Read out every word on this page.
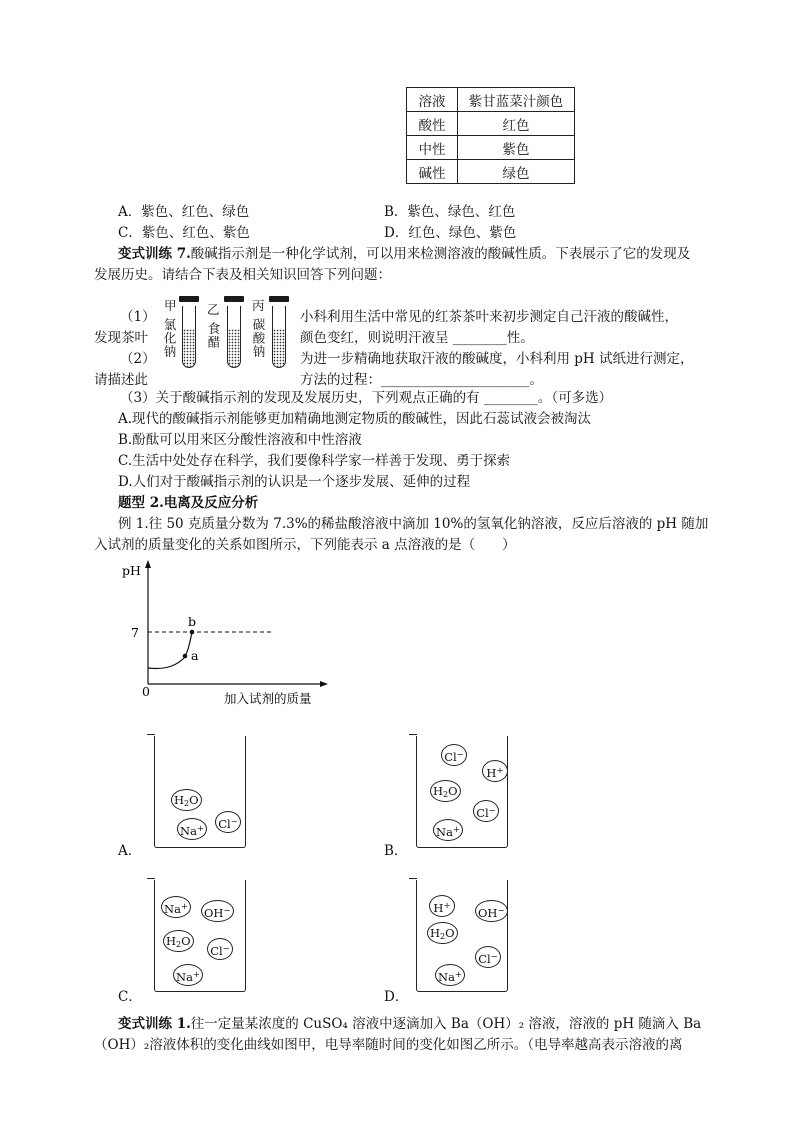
溶液	紫甘蓝菜汁颜色
酸性	红色
中性	紫色
碱性	绿色
A．紫色、红色、绿色	B．紫色、绿色、红色
C．紫色、红色、紫色	D．红色、绿色、紫色
变式训练 7.酸碱指示剂是一种化学试剂，可以用来检测溶液的酸碱性质。下表展示了它的发现及
发展历史。请结合下表及相关知识回答下列问题：
甲 乙	丙
氯化钠 食醋 碳酸钠
（1）
发现茶叶
小科利用生活中常见的红茶茶叶来初步测定自己汗液的酸碱性，
颜色变红，则说明汗液呈 ________性。
（2）
请描述此
为进一步精确地获取汗液的酸碱度，小科利用 pH 试纸进行测定，
方法的过程：______________________。
（3）关于酸碱指示剂的发现及发展历史，下列观点正确的有 ________。（可多选）
A.现代的酸碱指示剂能够更加精确地测定物质的酸碱性，因此石蕊试液会被淘汰
B.酚酞可以用来区分酸性溶液和中性溶液
C.生活中处处存在科学，我们要像科学家一样善于发现、勇于探索
D.人们对于酸碱指示剂的认识是一个逐步发展、延伸的过程
题型 2.电离及反应分析
例 1.往 50 克质量分数为 7.3%的稀盐酸溶液中滴加 10%的氢氧化钠溶液，反应后溶液的 pH 随加
入试剂的质量变化的关系如图所示，下列能表示 a 点溶液的是（　　）
pH
7
0
a
b
加入试剂的质量
$H_2O$
Cl−
Na+
A．
Cl−
H+
$H_2O$
Cl−
Na+
B．
Na+ OH−
$H_2O$
Cl−
Na+
C．
H+	OH−
$H_2O$
Cl−
Na+
D．
变式训练 1.往一定量某浓度的 CuSO₄ 溶液中逐滴加入 Ba（OH）₂ 溶液，溶液的 pH 随滴入 Ba
（OH）₂溶液体积的变化曲线如图甲，电导率随时间的变化如图乙所示。（电导率越高表示溶液的离
